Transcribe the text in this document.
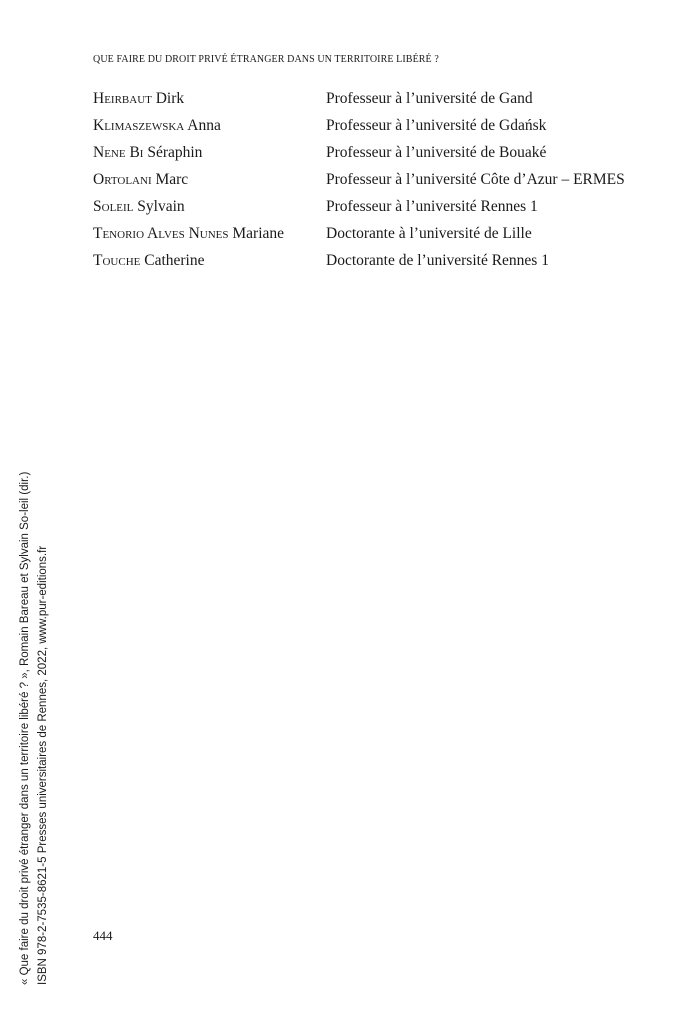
QUE FAIRE DU DROIT PRIVÉ ÉTRANGER DANS UN TERRITOIRE LIBÉRÉ ?
Heirbaut Dirk	Professeur à l’université de Gand
Klimaszewska Anna	Professeur à l’université de Gdańsk
Nene Bi Séraphin	Professeur à l’université de Bouaké
Ortolani Marc	Professeur à l’université Côte d’Azur – ERMES
Soleil Sylvain	Professeur à l’université Rennes 1
Tenorio Alves Nunes Mariane	Doctorante à l’université de Lille
Touche Catherine	Doctorante de l’université Rennes 1
« Que faire du droit privé étranger dans un territoire libéré ? », Romain Bareau et Sylvain So-leil (dir.) ISBN 978-2-7535-8621-5 Presses universitaires de Rennes, 2022, www.pur-editions.fr	444
